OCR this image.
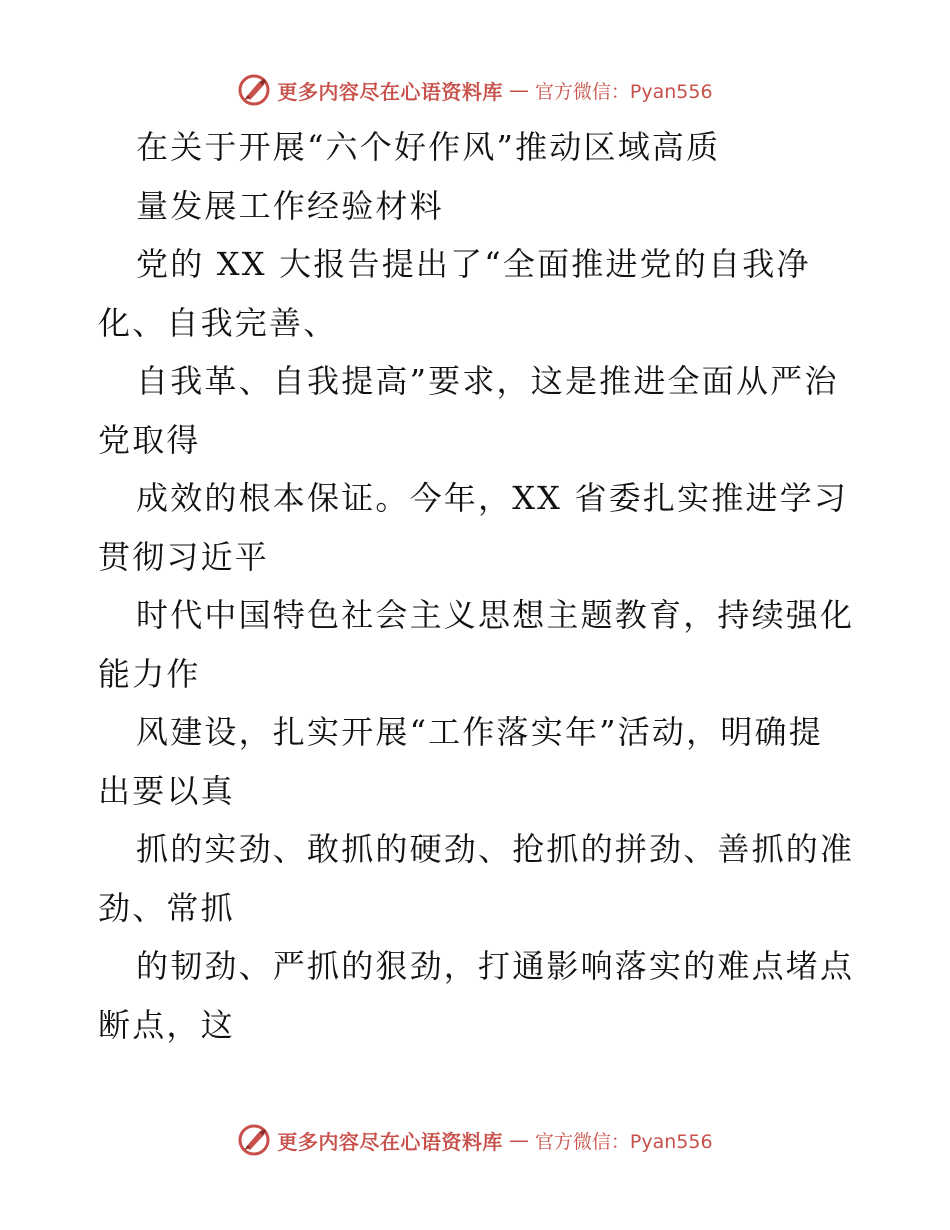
更多内容尽在心语资料库 — 官方微信：Pyan556
在关于开展“六个好作风”推动区域高质
量发展工作经验材料
党的 XX 大报告提出了“全面推进党的自我净
化、自我完善、
自我革、自我提高”要求，这是推进全面从严治
党取得
成效的根本保证。今年，XX 省委扎实推进学习
贯彻习近平
时代中国特色社会主义思想主题教育，持续强化
能力作
风建设，扎实开展“工作落实年”活动，明确提
出要以真
抓的实劲、敢抓的硬劲、抢抓的拼劲、善抓的准
劲、常抓
的韧劲、严抓的狠劲，打通影响落实的难点堵点
断点，这
更多内容尽在心语资料库 — 官方微信：Pyan556
